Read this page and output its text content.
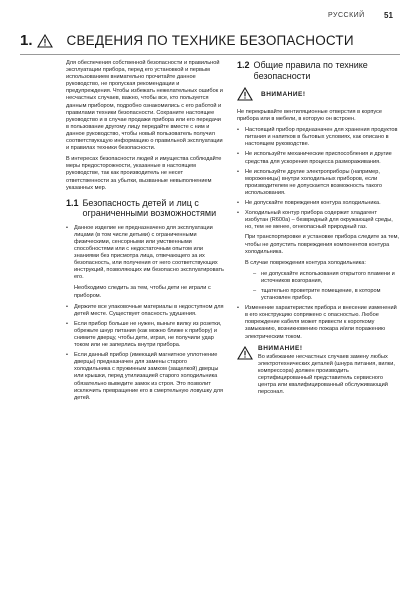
РУССКИЙ 51
1.	СВЕДЕНИЯ ПО ТЕХНИКЕ БЕЗОПАСНОСТИ

Для обеспечения собственной безопасности и правильной эксплуатации прибора, перед его установкой и первым использованием внимательно прочитайте данное руководство, не пропуская рекомендации и предупреждения. Чтобы избежать нежелательных ошибок и несчастных случаев, важно, чтобы все, кто пользуется данным прибором, подробно ознакомились с его работой и правилами техники безопасности. Сохраните настоящее руководство и в случае продажи прибора или его передачи в пользование другому лицу передайте вместе с ним и данное руководство, чтобы новый пользователь получил соответствующую информацию о правильной эксплуатации и правилах техники безопасности.

В интересах безопасности людей и имущества соблюдайте меры предосторожности, указанные в настоящем руководстве, так как производитель не несет ответственности за убытки, вызванные невыполнением указанных мер.

1.1 Безопасность детей и лиц с ограниченными возможностями
• Данное изделие не предназначено для эксплуатации лицами (в том числе детьми) с ограниченными физическими, сенсорными или умственными способностями или с недостаточным опытом или знаниями без присмотра лица, отвечающего за их безопасность, или получения от него соответствующих инструкций, позволяющих им безопасно эксплуатировать его.

Необходимо следить за тем, чтобы дети не играли с прибором.

• Держите все упаковочные материалы в недоступном для детей месте. Существует опасность удушения.
• Если прибор больше не нужен, выньте вилку из розетки, обрежьте шнур питания (как можно ближе к прибору) и снимите дверцу, чтобы дети, играя, не получили удар током или не заперлись внутри прибора.
• Если данный прибор (имеющий магнитное уплотнение дверцы) предназначен для замены старого холодильника с пружинным замком (защелкой) дверцы или крышки, перед утилизацией старого холодильника обязательно выведите замок из строя. Это позволит исключить превращение его в смертельную ловушку для детей.
1.2 Общие правила по технике безопасности
ВНИМАНИЕ!

Не перекрывайте вентиляционные отверстия в корпусе прибора или в мебели, в которую он встроен.

• Настоящий прибор предназначен для хранения продуктов питания и напитков в бытовых условиях, как описано в настоящем руководстве.
• Не используйте механические приспособления и другие средства для ускорения процесса размораживания.
• Не используйте другие электроприборы (например, мороженицы) внутри холодильных приборов, если производителем не допускается возможность такого использования.
• Не допускайте повреждения контура холодильника.
• Холодильный контур прибора содержит хладагент изобутан (R600a) – безвредный для окружающей среды, но, тем не менее, огнеопасный природный газ.

При транспортировке и установке прибора следите за тем, чтобы не допустить повреждения компонентов контура холодильника.

В случае повреждения контура холодильника:

– не допускайте использования открытого пламени и источников возгорания,
– тщательно проветрите помещение, в котором установлен прибор.
• Изменение характеристик прибора и внесение изменений в его конструкцию сопряжено с опасностью. Любое повреждение кабеля может привести к короткому замыканию, возникновению пожара и/или поражению электрическим током.
ВНИМАНИЕ!

Во избежание несчастных случаев замену любых электротехнических деталей (шнура питания, вилки, компрессора) должен производить сертифицированный представитель сервисного центра или квалифицированный обслуживающий персонал.
